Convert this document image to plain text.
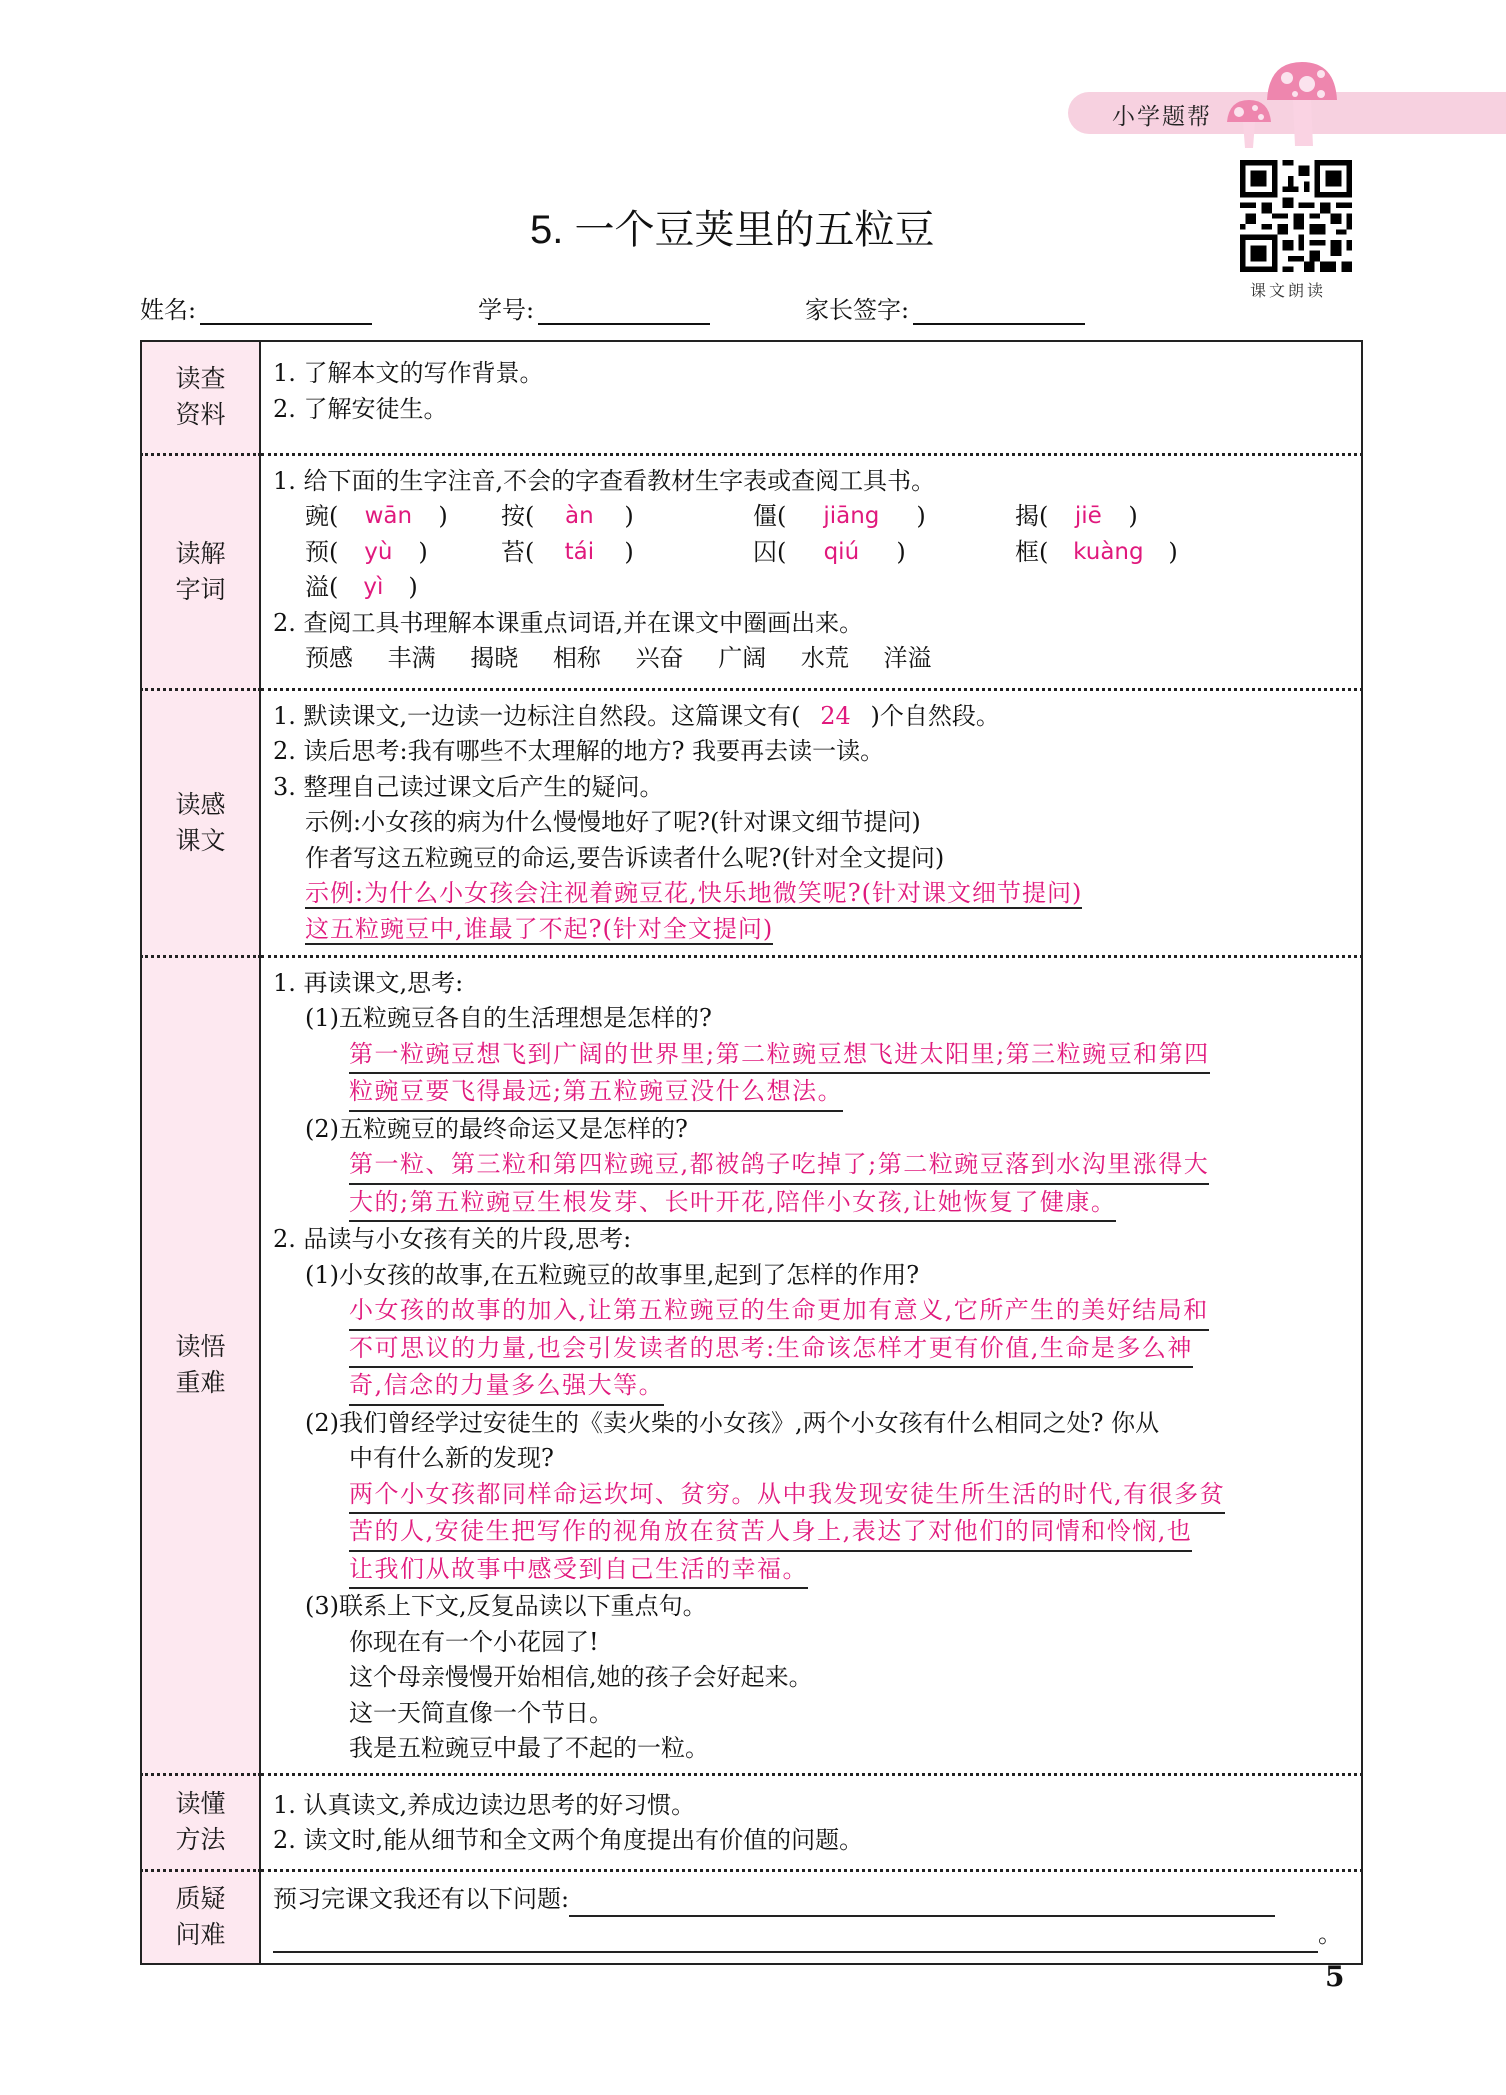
小学题帮
课文朗读
5. 一个豆荚里的五粒豆
姓名:	学号:	家长签字:
读查
资料

1. 了解本文的写作背景。
2. 了解安徒生。

读解
字词

1. 给下面的生字注音,不会的字查看教材生字表或查阅工具书。
豌(	wān	) 按(	àn	)	僵(	jiāng	)	揭(	jiē	)
预(	yù	)	苔(	tái	)	囚(	qiú	)	框(	kuàng	)
溢(	yì	)
2. 查阅工具书理解本课重点词语,并在课文中圈画出来。
预感 丰满 揭晓 相称 兴奋 广阔 水荒 洋溢

读感
课文

1. 默读课文,一边读一边标注自然段。这篇课文有( 24 )个自然段。
2. 读后思考:我有哪些不太理解的地方? 我要再去读一读。
3. 整理自己读过课文后产生的疑问。
示例:小女孩的病为什么慢慢地好了呢?(针对课文细节提问)
作者写这五粒豌豆的命运,要告诉读者什么呢?(针对全文提问)
示例:为什么小女孩会注视着豌豆花,快乐地微笑呢?(针对课文细节提问)
这五粒豌豆中,谁最了不起?(针对全文提问)

读悟
重难

1. 再读课文,思考:
(1)五粒豌豆各自的生活理想是怎样的?
第一粒豌豆想飞到广阔的世界里;第二粒豌豆想飞进太阳里;第三粒豌豆和第四
粒豌豆要飞得最远;第五粒豌豆没什么想法。
(2)五粒豌豆的最终命运又是怎样的?
第一粒、第三粒和第四粒豌豆,都被鸽子吃掉了;第二粒豌豆落到水沟里涨得大
大的;第五粒豌豆生根发芽、长叶开花,陪伴小女孩,让她恢复了健康。
2. 品读与小女孩有关的片段,思考:
(1)小女孩的故事,在五粒豌豆的故事里,起到了怎样的作用?
小女孩的故事的加入,让第五粒豌豆的生命更加有意义,它所产生的美好结局和
不可思议的力量,也会引发读者的思考:生命该怎样才更有价值,生命是多么神
奇,信念的力量多么强大等。
(2)我们曾经学过安徒生的《卖火柴的小女孩》,两个小女孩有什么相同之处? 你从
中有什么新的发现?
两个小女孩都同样命运坎坷、贫穷。从中我发现安徒生所生活的时代,有很多贫
苦的人,安徒生把写作的视角放在贫苦人身上,表达了对他们的同情和怜悯,也
让我们从故事中感受到自己生活的幸福。
(3)联系上下文,反复品读以下重点句。
你现在有一个小花园了!
这个母亲慢慢开始相信,她的孩子会好起来。
这一天简直像一个节日。
我是五粒豌豆中最了不起的一粒。

读懂
方法

1. 认真读文,养成边读边思考的好习惯。
2. 读文时,能从细节和全文两个角度提出有价值的问题。

质疑
问难

预习完课文我还有以下问题:
。
5
